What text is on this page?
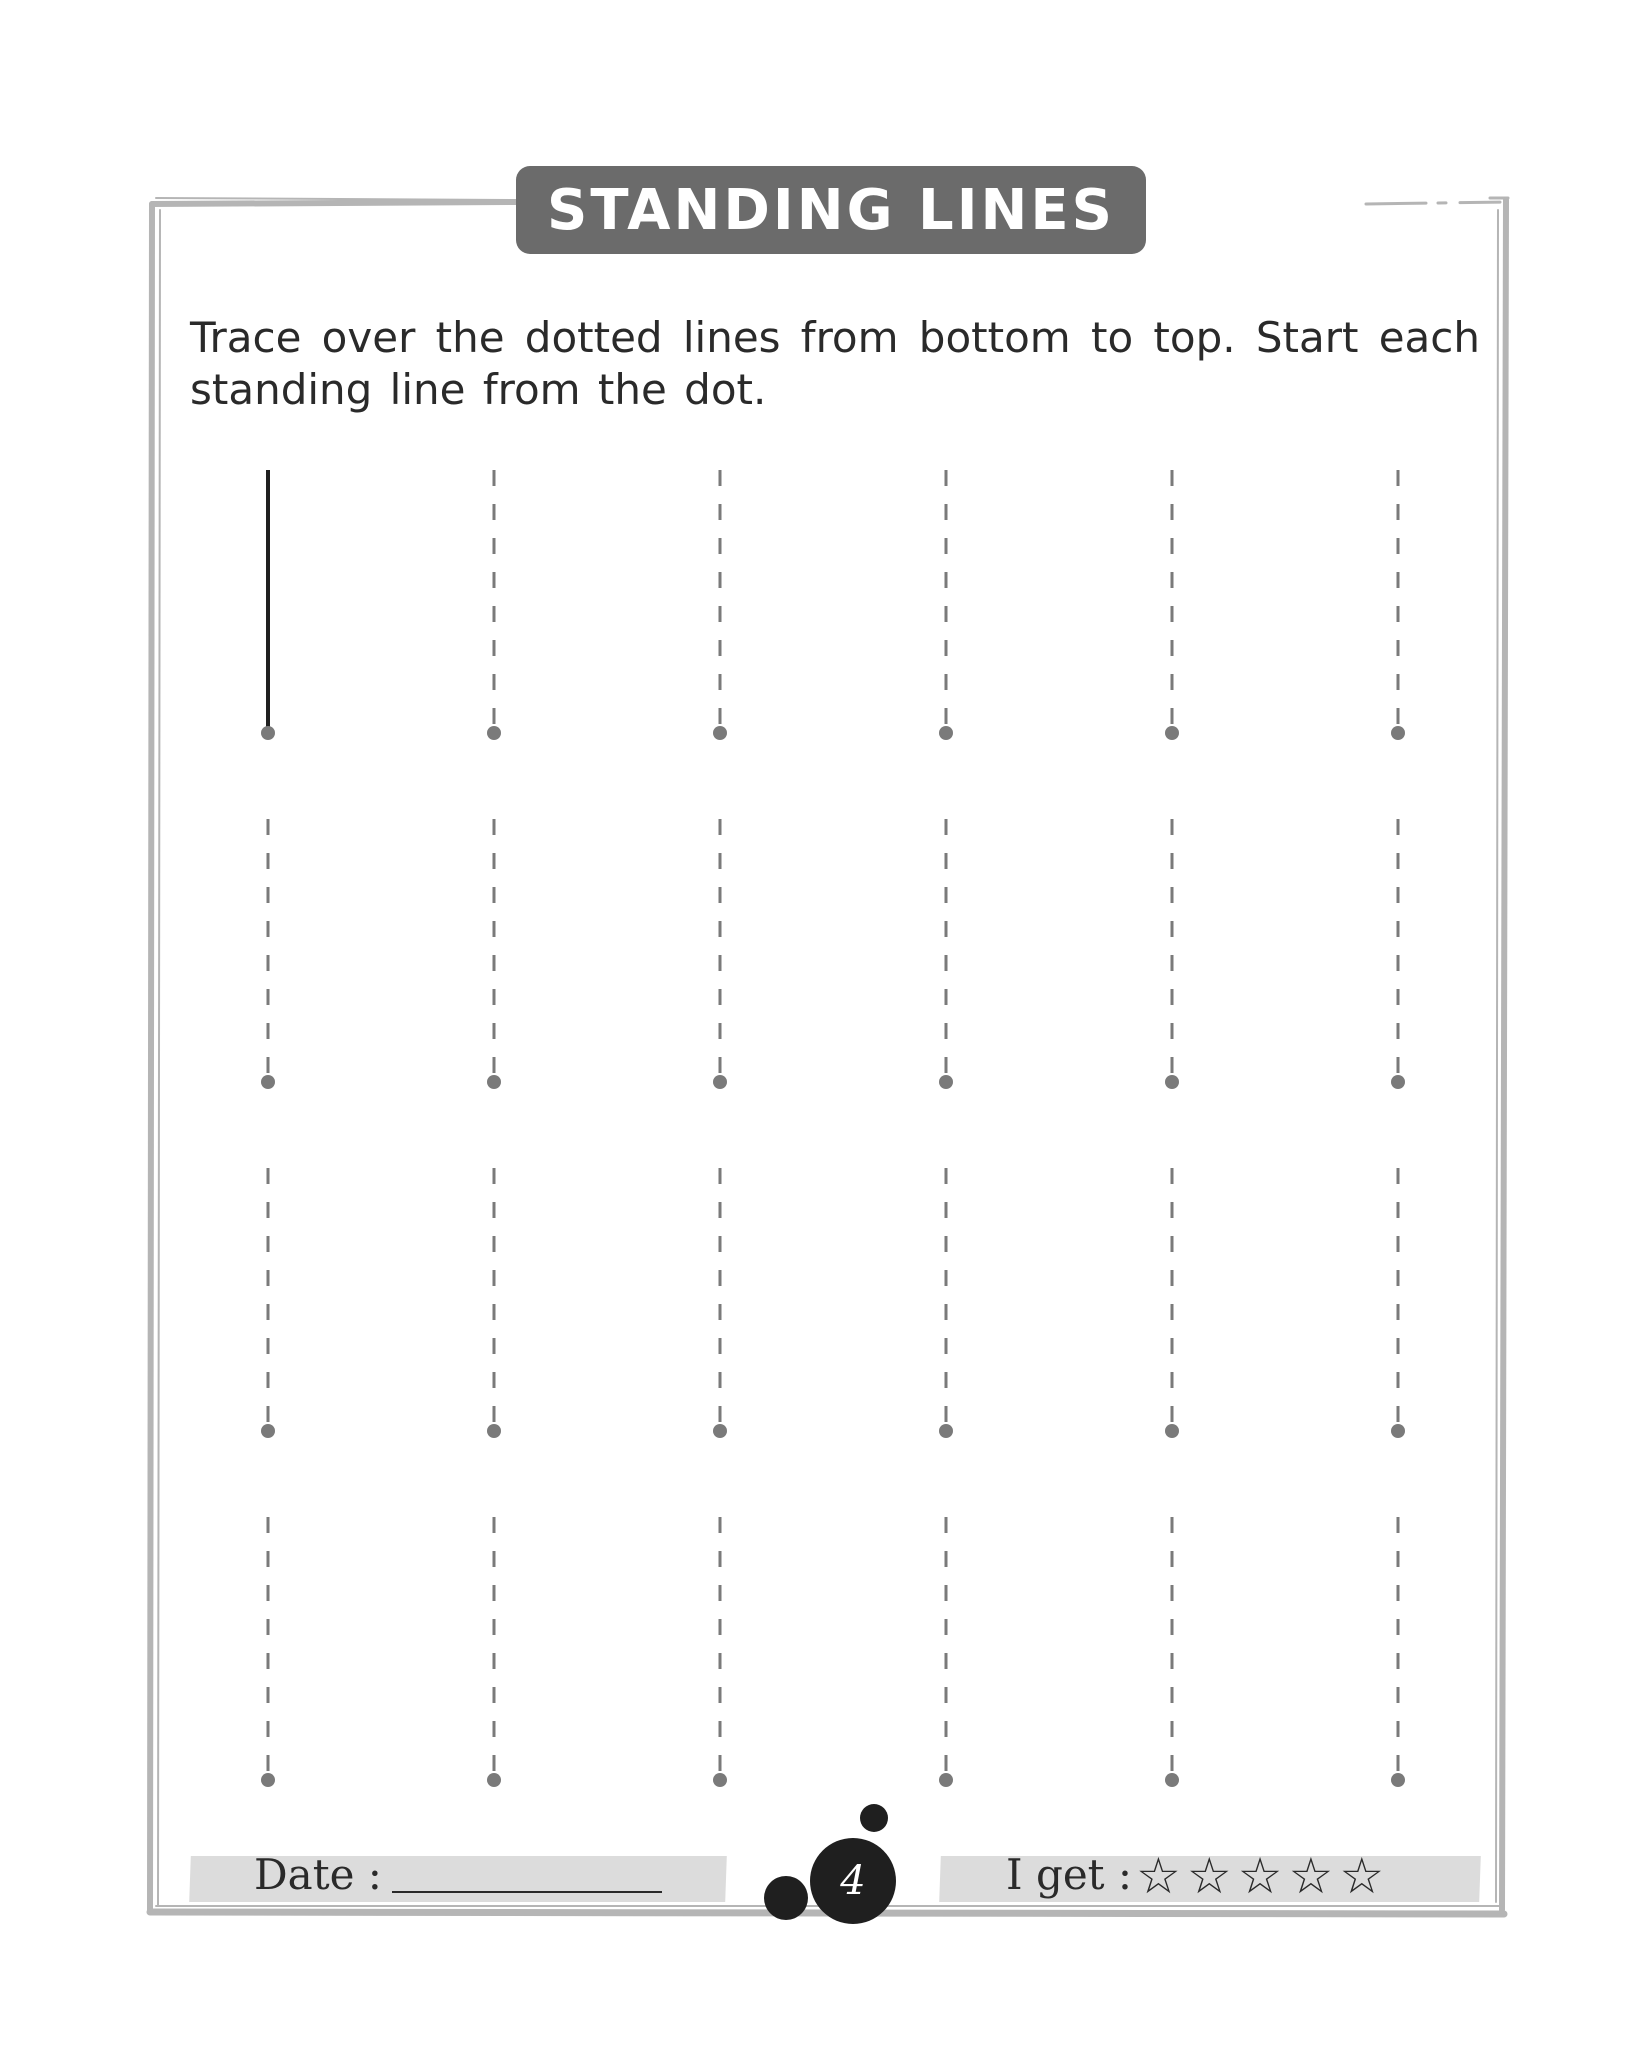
STANDING LINES
Trace over the dotted lines from bottom to top. Start each standing line from the dot.
Date :	I get : ☆ ☆ ☆ ☆ ☆
4
